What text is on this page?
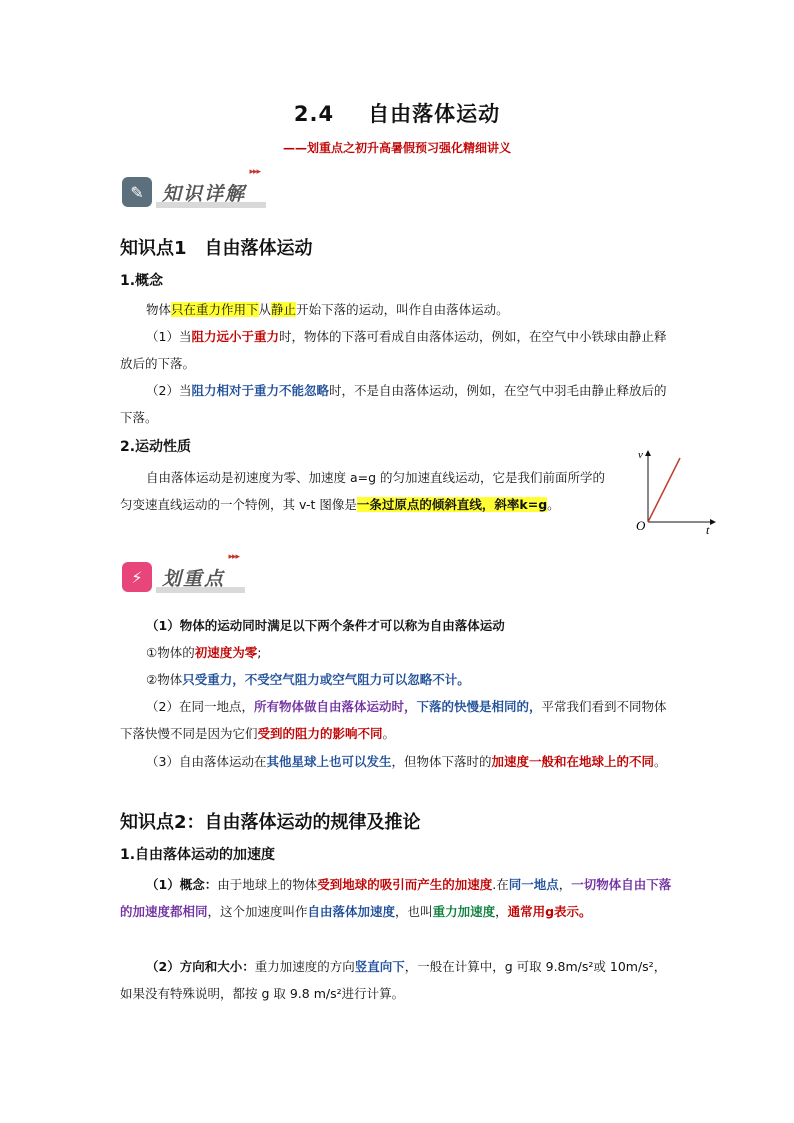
2.4 自由落体运动
——划重点之初升高暑假预习强化精细讲义
✎ 知识详解
▸▸▸
知识点1　自由落体运动
1.概念
物体只在重力作用下从静止开始下落的运动，叫作自由落体运动。
（1）当阻力远小于重力时，物体的下落可看成自由落体运动，例如，在空气中小铁球由静止释放后的下落。
（2）当阻力相对于重力不能忽略时，不是自由落体运动，例如，在空气中羽毛由静止释放后的下落。
2.运动性质
自由落体运动是初速度为零、加速度 a=g 的匀加速直线运动，它是我们前面所学的匀变速直线运动的一个特例，其 v-t 图像是一条过原点的倾斜直线，斜率k=g。
v
t
O
⚡	划重点
▸▸▸
（1）物体的运动同时满足以下两个条件才可以称为自由落体运动
①物体的初速度为零;
②物体只受重力，不受空气阻力或空气阻力可以忽略不计。
（2）在同一地点，所有物体做自由落体运动时，下落的快慢是相同的，平常我们看到不同物体下落快慢不同是因为它们受到的阻力的影响不同。
（3）自由落体运动在其他星球上也可以发生，但物体下落时的加速度一般和在地球上的不同。
知识点2：自由落体运动的规律及推论
1.自由落体运动的加速度
（1）概念：由于地球上的物体受到地球的吸引而产生的加速度.在同一地点，一切物体自由下落的加速度都相同，这个加速度叫作自由落体加速度，也叫重力加速度，通常用g表示。
（2）方向和大小：重力加速度的方向竖直向下，一般在计算中，g 可取 9.8m/s²或 10m/s²，如果没有特殊说明，都按 g 取 9.8 m/s²进行计算。
